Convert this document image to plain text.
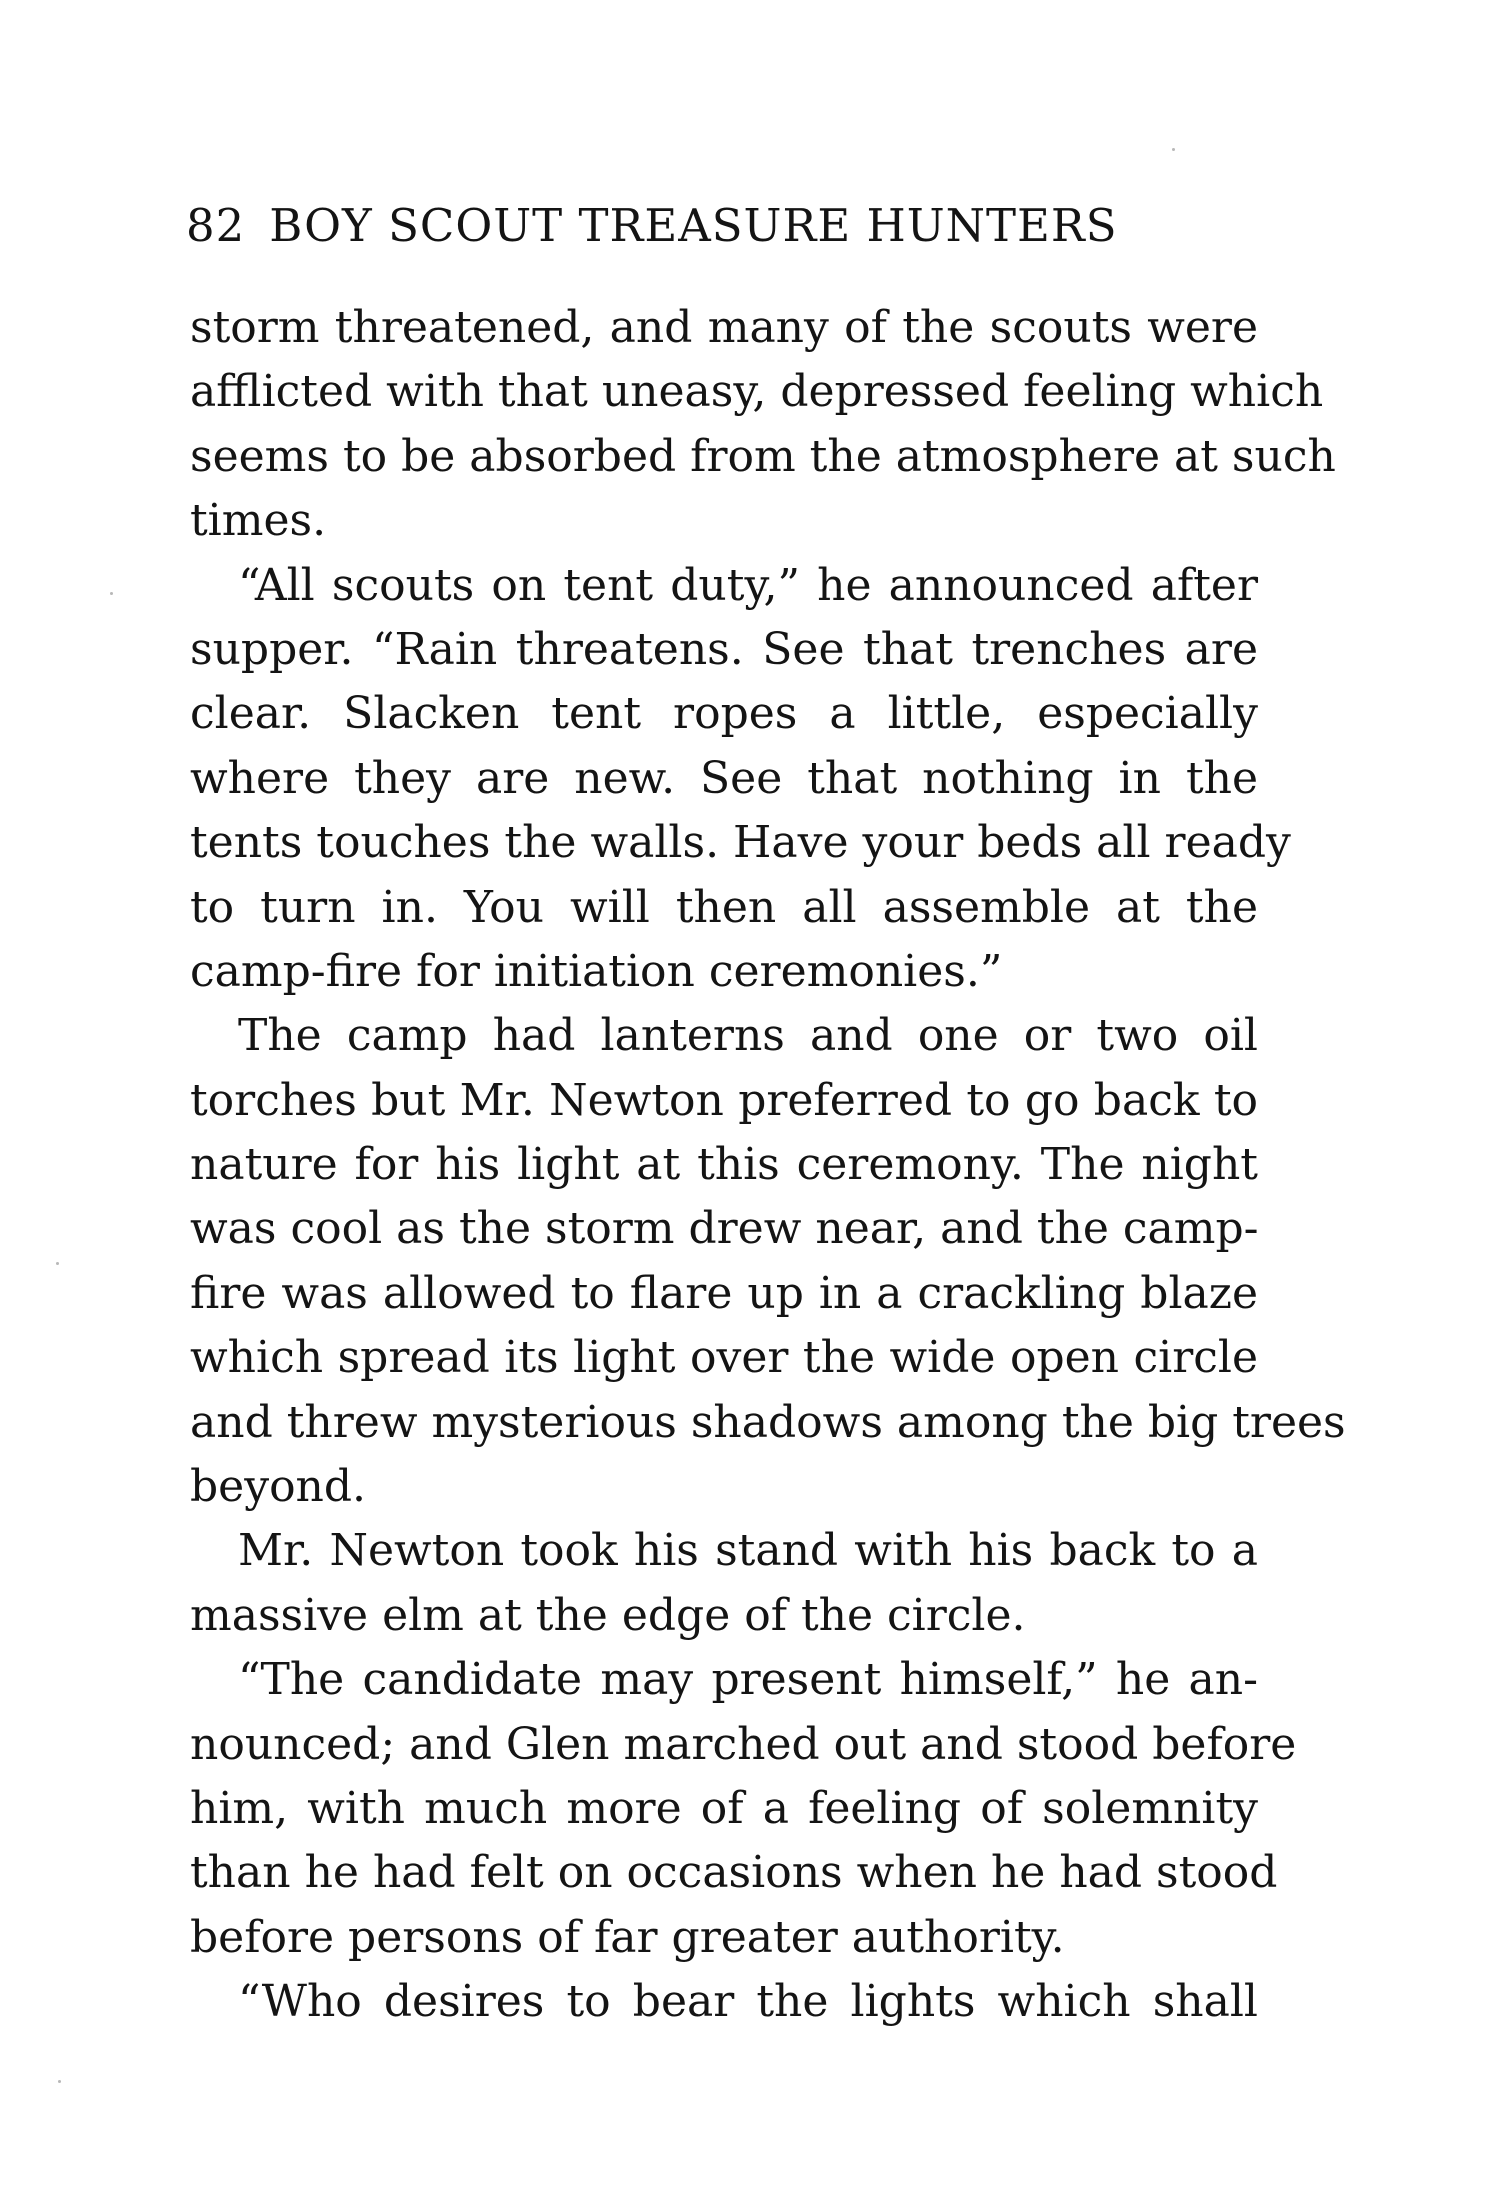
82 BOY SCOUT TREASURE HUNTERS
storm threatened, and many of the scouts were
afflicted with that uneasy, depressed feeling which
seems to be absorbed from the atmosphere at such
times.
“All scouts on tent duty,” he announced after
supper. “Rain threatens. See that trenches are
clear. Slacken tent ropes a little, especially
where they are new. See that nothing in the
tents touches the walls. Have your beds all ready
to turn in. You will then all assemble at the
camp-fire for initiation ceremonies.”
The camp had lanterns and one or two oil
torches but Mr. Newton preferred to go back to
nature for his light at this ceremony. The night
was cool as the storm drew near, and the camp-
fire was allowed to flare up in a crackling blaze
which spread its light over the wide open circle
and threw mysterious shadows among the big trees
beyond.
Mr. Newton took his stand with his back to a
massive elm at the edge of the circle.
“The candidate may present himself,” he an-
nounced; and Glen marched out and stood before
him, with much more of a feeling of solemnity
than he had felt on occasions when he had stood
before persons of far greater authority.
“Who desires to bear the lights which shall
